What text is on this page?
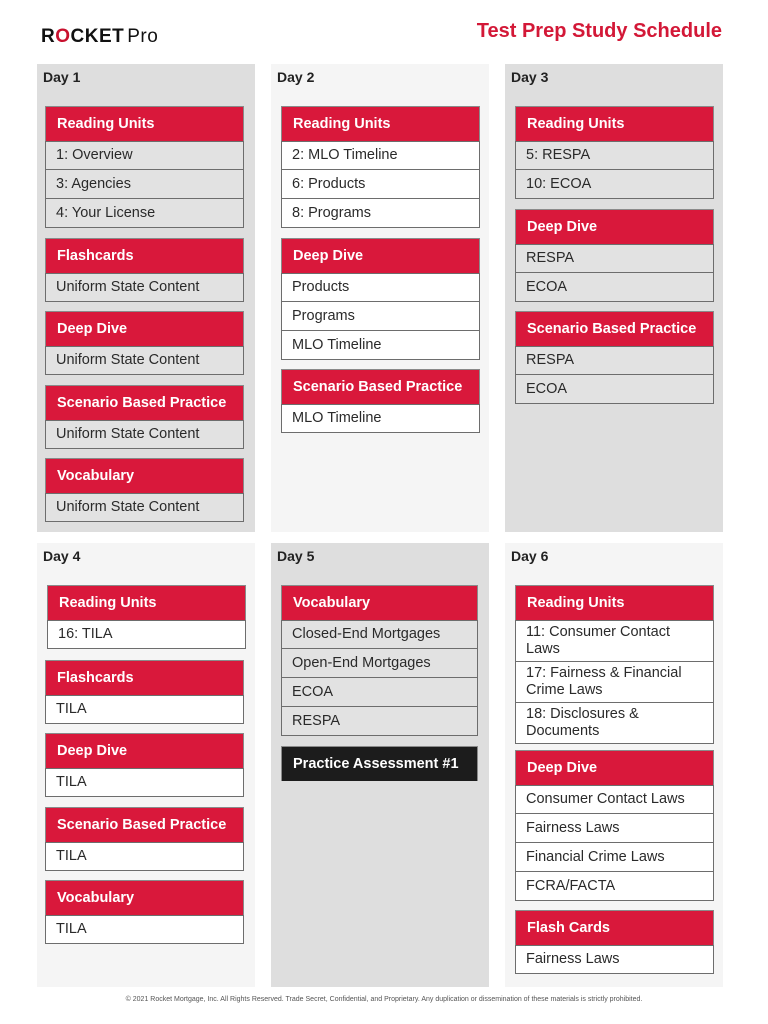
ROCKET Pro	Test Prep Study Schedule
Day 1
Reading Units
1: Overview
3: Agencies
4: Your License
Flashcards
Uniform State Content
Deep Dive
Uniform State Content
Scenario Based Practice
Uniform State Content
Vocabulary
Uniform State Content
Day 2
Reading Units
2: MLO Timeline
6: Products
8: Programs
Deep Dive
Products
Programs
MLO Timeline
Scenario Based Practice
MLO Timeline
Day 3
Reading Units
5: RESPA
10: ECOA
Deep Dive
RESPA
ECOA
Scenario Based Practice
RESPA
ECOA
Day 4
Reading Units
16: TILA
Flashcards
TILA
Deep Dive
TILA
Scenario Based Practice
TILA
Vocabulary
TILA
Day 5
Vocabulary
Closed-End Mortgages
Open-End Mortgages
ECOA
RESPA
Practice Assessment #1
Day 6
Reading Units
11: Consumer Contact Laws
17: Fairness & Financial Crime Laws
18: Disclosures & Documents
Deep Dive
Consumer Contact Laws
Fairness Laws
Financial Crime Laws
FCRA/FACTA
Flash Cards
Fairness Laws
© 2021 Rocket Mortgage, Inc. All Rights Reserved. Trade Secret, Confidential, and Proprietary. Any duplication or dissemination of these materials is strictly prohibited.
